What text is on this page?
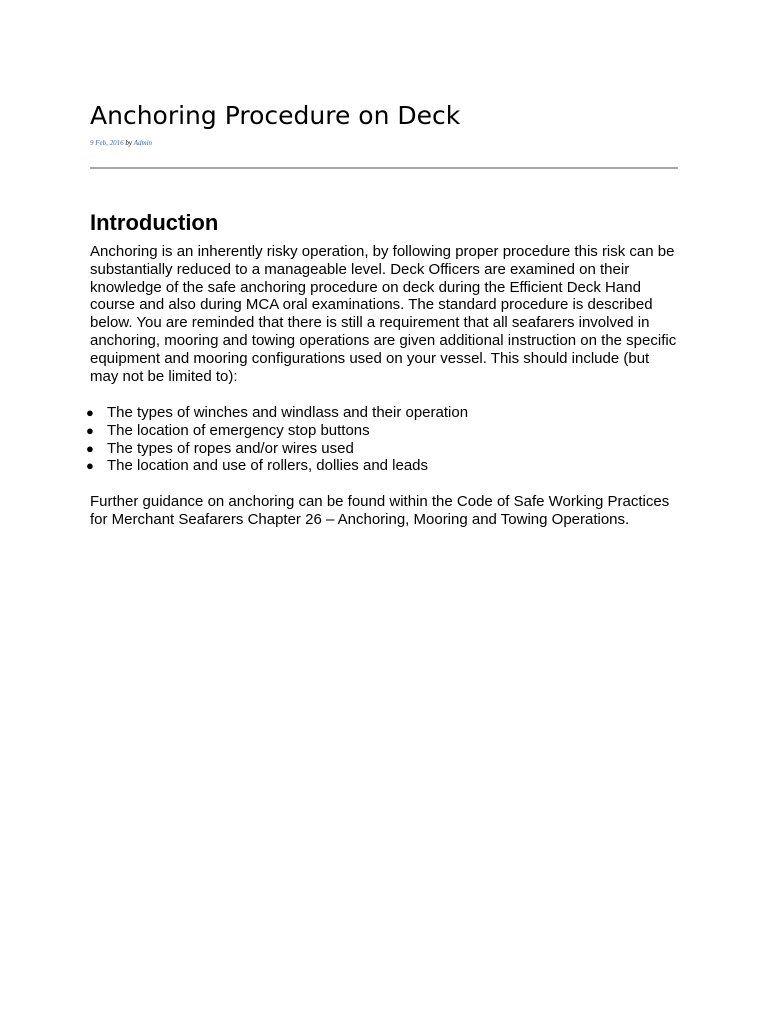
Anchoring Procedure on Deck
9 Feb, 2016 by Admin
Introduction

Anchoring is an inherently risky operation, by following proper procedure this risk can be substantially reduced to a manageable level. Deck Officers are examined on their knowledge of the safe anchoring procedure on deck during the Efficient Deck Hand course and also during MCA oral examinations. The standard procedure is described below. You are reminded that there is still a requirement that all seafarers involved in anchoring, mooring and towing operations are given additional instruction on the specific equipment and mooring configurations used on your vessel. This should include (but may not be limited to):

● The types of winches and windlass and their operation
● The location of emergency stop buttons
● The types of ropes and/or wires used
● The location and use of rollers, dollies and leads

Further guidance on anchoring can be found within the Code of Safe Working Practices for Merchant Seafarers Chapter 26 – Anchoring, Mooring and Towing Operations.
